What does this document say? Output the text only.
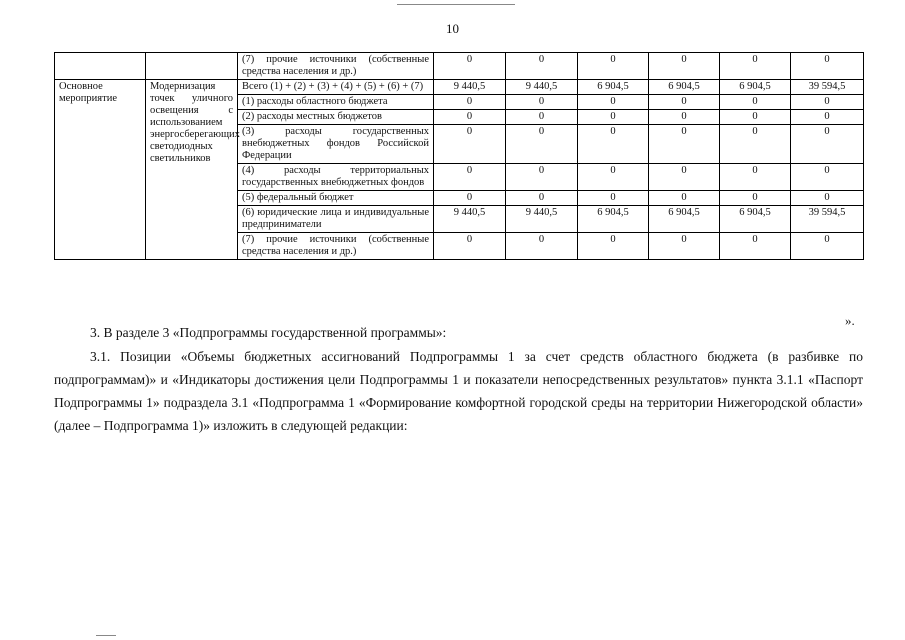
10
		(7) прочие источники (собственные средства населения и др.)	0	0	0	0	0	0
Основное мероприятие	Модернизация точек уличного освещения с использованием энергосберегающих светодиодных светильников	Всего (1) + (2) + (3) + (4) + (5) + (6) + (7)	9 440,5	9 440,5	6 904,5	6 904,5	6 904,5	39 594,5
		(1) расходы областного бюджета	0	0	0	0	0	0
		(2) расходы местных бюджетов	0	0	0	0	0	0
		(3) расходы государственных внебюджетных фондов Российской Федерации	0	0	0	0	0	0
		(4) расходы территориальных государственных внебюджетных фондов	0	0	0	0	0	0
		(5) федеральный бюджет	0	0	0	0	0	0
		(6) юридические лица и индивидуальные предприниматели	9 440,5	9 440,5	6 904,5	6 904,5	6 904,5	39 594,5
		(7) прочие источники (собственные средства населения и др.)	0	0	0	0	0	0
».

3. В разделе 3 «Подпрограммы государственной программы»:

3.1. Позиции «Объемы бюджетных ассигнований Подпрограммы 1 за счет средств областного бюджета (в разбивке по подпрограммам)» и «Индикаторы достижения цели Подпрограммы 1 и показатели непосредственных результатов» пункта 3.1.1 «Паспорт Подпрограммы 1» подраздела 3.1 «Подпрограмма 1 «Формирование комфортной городской среды на территории Нижегородской области» (далее – Подпрограмма 1)» изложить в следующей редакции:
